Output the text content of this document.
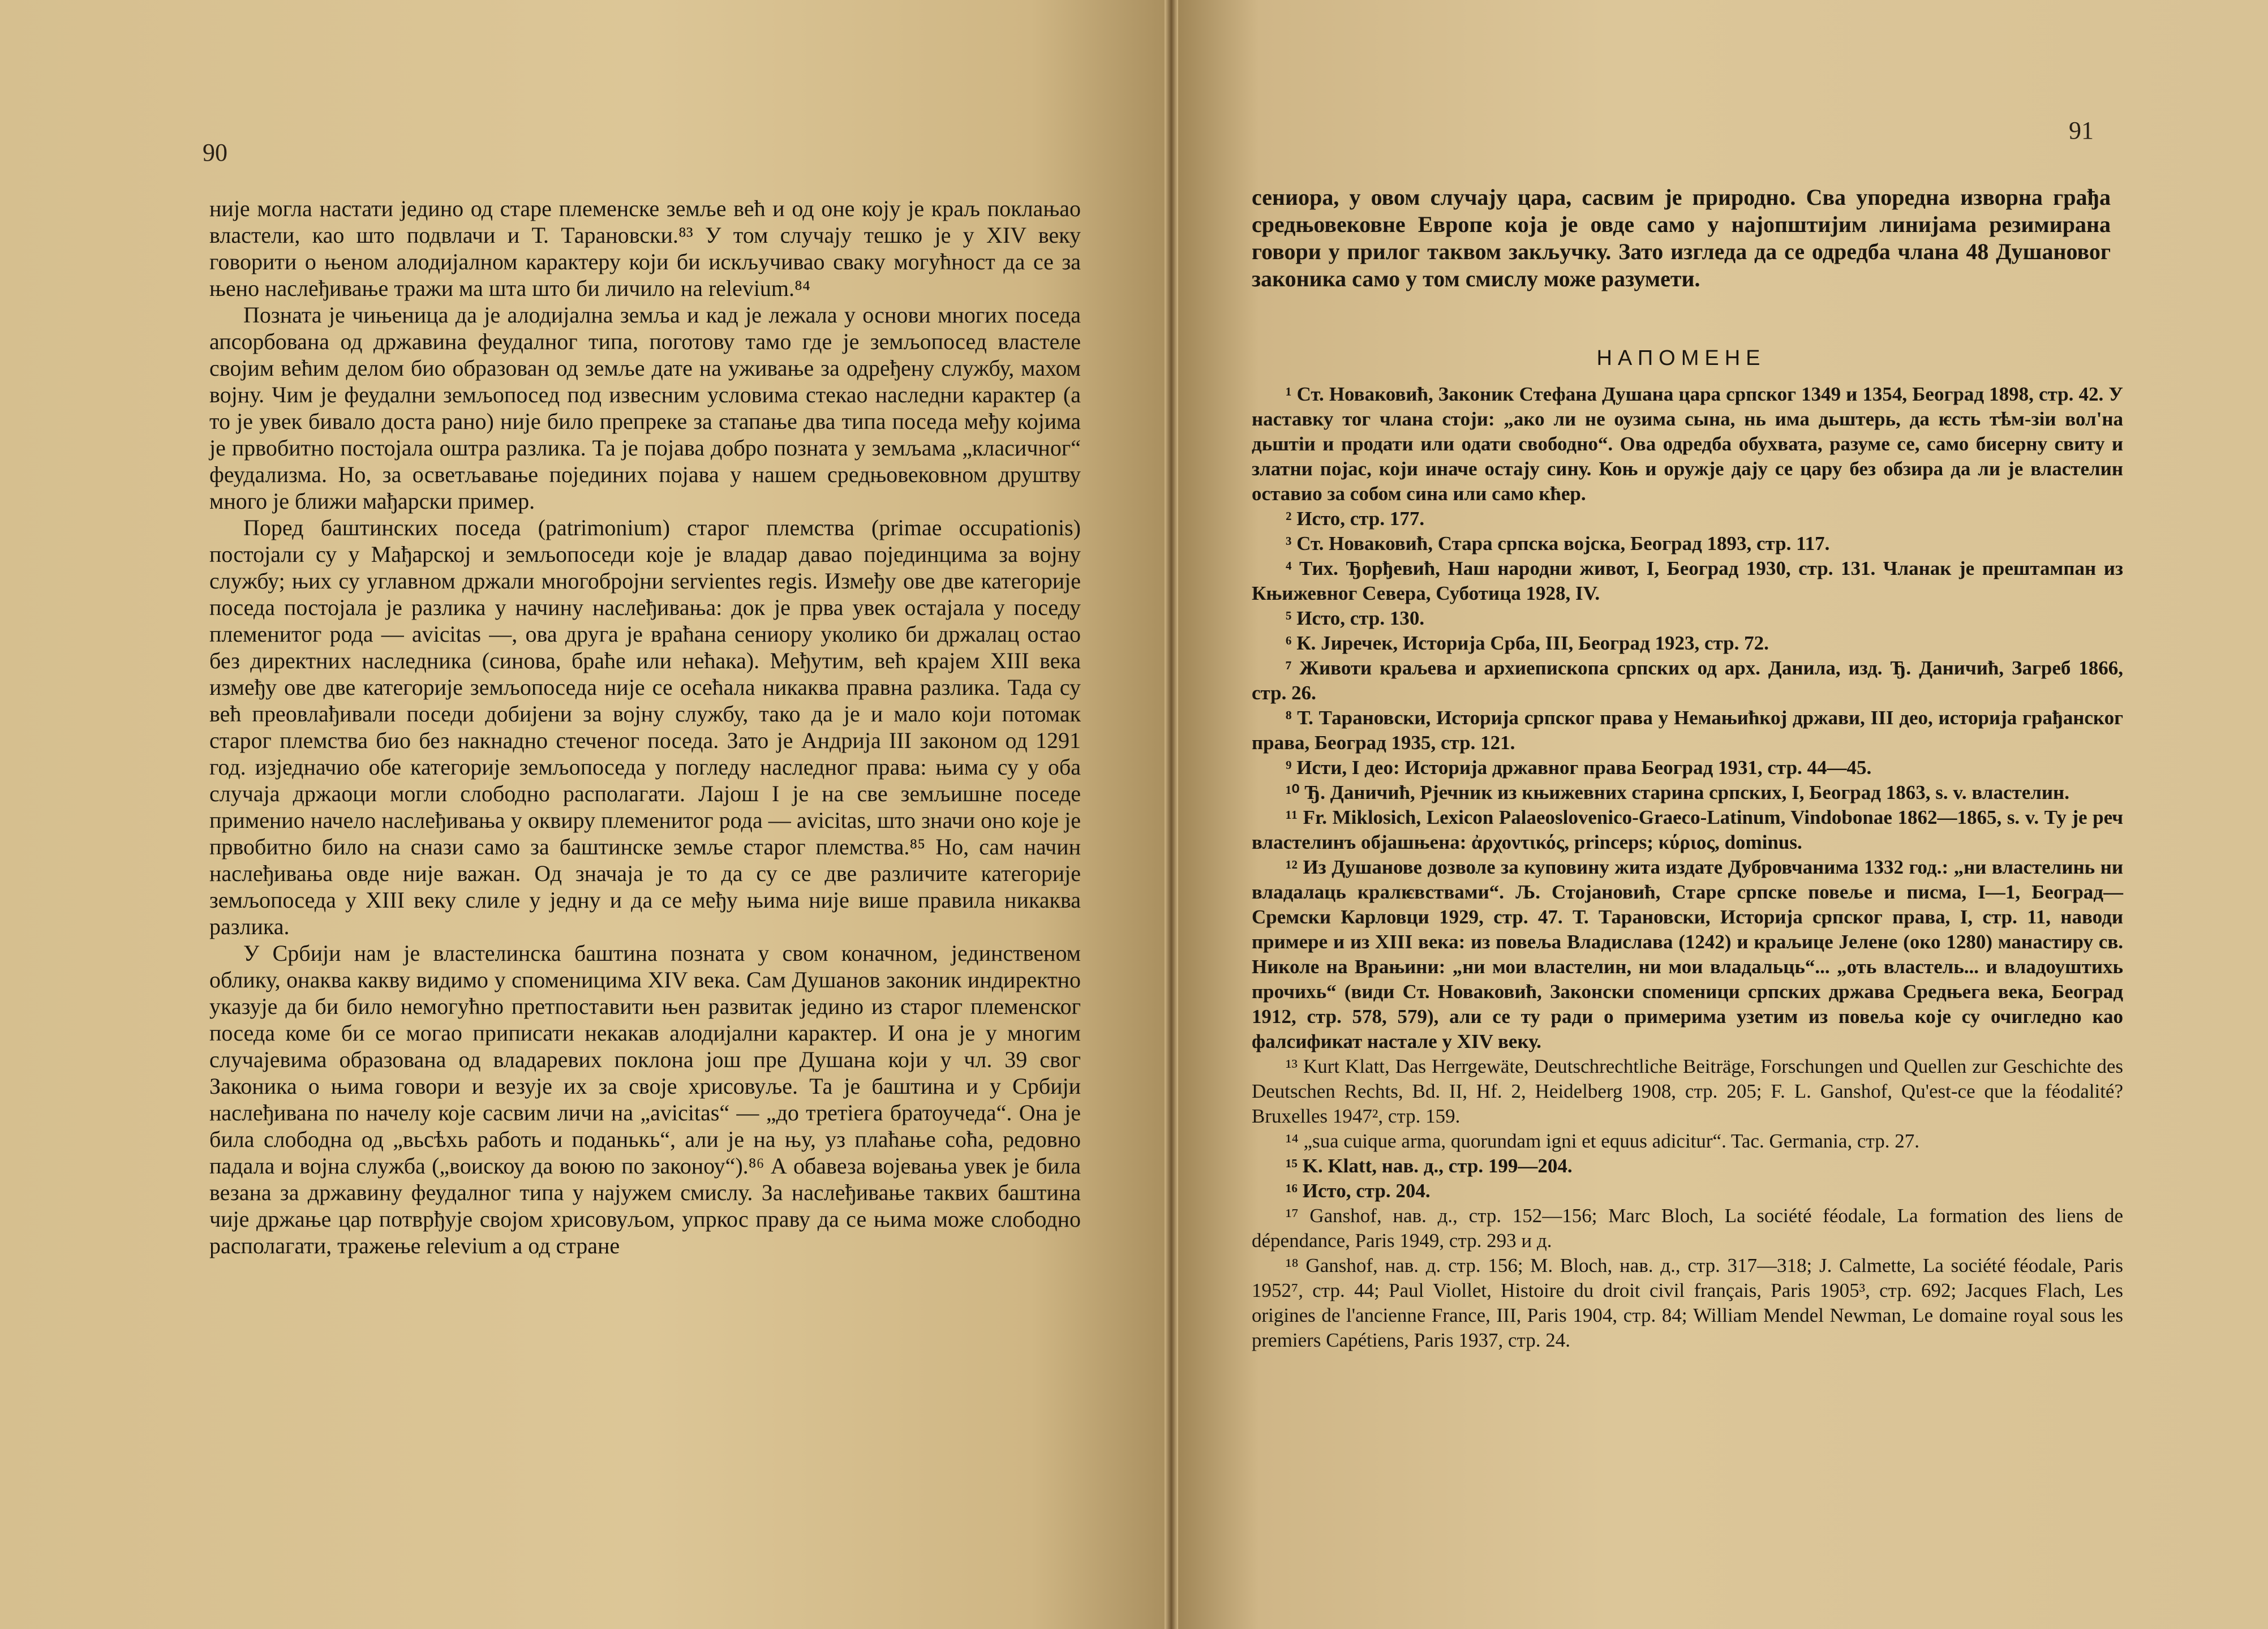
90

није могла настати једино од старе племенске земље већ и од оне коју је краљ поклањао властели, као што подвлачи и Т. Тарановски.⁸³ У том случају тешко је у XIV веку говорити о њеном алодијалном карактеру који би искључивао сваку могућност да се за њено наслеђивање тражи ма шта што би личило на relevium.⁸⁴

Позната је чињеница да је алодијална земља и кад је лежала у основи многих поседа апсорбована од државина феудалног типа, поготову тамо где је земљопосед властеле својим већим делом био образован од земље дате на уживање за одређену службу, махом војну. Чим је феудални земљопосед под извесним условима стекао наследни карактер (а то је увек бивало доста рано) није било препреке за стапање два типа поседа међу којима је првобитно постојала оштра разлика. Та је појава добро позната у земљама „класичног“ феудализма. Но, за осветљавање појединих појава у нашем средњовековном друштву много је ближи мађарски пример.

Поред баштинских поседа (patrimonium) старог племства (primae occupationis) постојали су у Мађарској и земљопоседи које је владар давао појединцима за војну службу; њих су углавном држали многобројни servientes regis. Између ове две категорије поседа постојала је разлика у начину наслеђивања: док је прва увек остајала у поседу племенитог рода — avicitas —, ова друга је враћана сениору уколико би држалац остао без директних наследника (синова, браће или нећака). Међутим, већ крајем XIII века између ове две категорије земљопоседа није се осећала никаква правна разлика. Тада су већ преовлађивали поседи добијени за војну службу, тако да је и мало који потомак старог племства био без накнадно стеченог поседа. Зато је Андрија III законом од 1291 год. изједначио обе категорије земљопоседа у погледу наследног права: њима су у оба случаја држаоци могли слободно располагати. Лајош I је на све земљишне поседе применио начело наслеђивања у оквиру племенитог рода — avicitas, што значи оно које је првобитно било на снази само за баштинске земље старог племства.⁸⁵ Но, сам начин наслеђивања овде није важан. Од значаја је то да су се две различите категорије земљопоседа у XIII веку слиле у једну и да се међу њима није више правила никаква разлика.

У Србији нам је властелинска баштина позната у свом коначном, јединственом облику, онаква какву видимо у споменицима XIV века. Сам Душанов законик индиректно указује да би било немогућно претпоставити њен развитак једино из старог племенског поседа коме би се могао приписати некакав алодијални карактер. И она је у многим случајевима образована од владаревих поклона још пре Душана који у чл. 39 свог Законика о њима говори и везује их за своје хрисовуље. Та је баштина и у Србији наслеђивана по начелу које сасвим личи на „avicitas“ — „до третіега братоучеда“. Она је била слободна од „вьсѣхь работь и поданькь“, али је на њу, уз плаћање соћа, редовно падала и војна служба („воискоу да воюю по законоу“).⁸⁶ А обавеза војевања увек је била везана за државину феудалног типа у најужем смислу. За наслеђивање таквих баштина чије држање цар потврђује својом хрисовуљом, упркос праву да се њима може слободно располагати, тражење relevium а од стране

91

сениора, у овом случају цара, сасвим је природно. Сва упоредна изворна грађа средњовековне Европе која је овде само у најопштијим линијама резимирана говори у прилог таквом закључку. Зато изгледа да се одредба члана 48 Душановог законика само у том смислу може разумети.

НАПОМЕНЕ

¹ Ст. Новаковић, Законик Стефана Душана цара српског 1349 и 1354, Београд 1898, стр. 42. У наставку тог члана стоји: „ако ли не оузима сына, нь има дьштерь, да ѥсть тѣм-зіи вол'на дьштіи и продати или одати свободно“. Ова одредба обухвата, разуме се, само бисерну свиту и златни појас, који иначе остају сину. Коњ и оружје дају се цару без обзира да ли је властелин оставио за собом сина или само кћер.

² Исто, стр. 177.

³ Ст. Новаковић, Стара српска војска, Београд 1893, стр. 117.

⁴ Тих. Ђорђевић, Наш народни живот, I, Београд 1930, стр. 131. Чланак је прештампан из Књижевног Севера, Суботица 1928, IV.

⁵ Исто, стр. 130.

⁶ К. Јиречек, Историја Срба, III, Београд 1923, стр. 72.

⁷ Животи краљева и архиепископа српских од арх. Данила, изд. Ђ. Даничић, Загреб 1866, стр. 26.

⁸ Т. Тарановски, Историја српског права у Немањићкој држави, III део, историја грађанског права, Београд 1935, стр. 121.

⁹ Исти, I део: Историја државног права Београд 1931, стр. 44—45.

¹⁰ Ђ. Даничић, Рјечник из књижевних старина српских, I, Београд 1863, s. v. властелин.

¹¹ Fr. Miklosich, Lexicon Palaeoslovenico-Graeco-Latinum, Vindobonae 1862—1865, s. v. Ту је реч властелинъ објашњена: ἀρχοντικός, princeps; κύριος, dominus.

¹² Из Душанове дозволе за куповину жита издате Дубровчанима 1332 год.: „ни властелинь ни владалаць кралѥвствами“. Љ. Стојановић, Старе српске повеље и писма, I—1, Београд—Сремски Карловци 1929, стр. 47. Т. Тарановски, Историја српског права, I, стр. 11, наводи примере и из XIII века: из повеља Владислава (1242) и краљице Јелене (око 1280) манастиру св. Николе на Врањини: „ни мои властелин, ни мои владальць“... „оть властель... и владоуштихь прочихь“ (види Ст. Новаковић, Законски споменици српских држава Средњега века, Београд 1912, стр. 578, 579), али се ту ради о примерима узетим из повеља које су очигледно као фалсификат настале у XIV веку.

¹³ Kurt Klatt, Das Herrgewäte, Deutschrechtliche Beiträge, Forschungen und Quellen zur Geschichte des Deutschen Rechts, Bd. II, Hf. 2, Heidelberg 1908, стр. 205; F. L. Ganshof, Qu'est-ce que la féodalité? Bruxelles 1947², стр. 159.

¹⁴ „sua cuique arma, quorundam igni et equus adicitur“. Tac. Germania, стр. 27.

¹⁵ K. Klatt, нав. д., стр. 199—204.

¹⁶ Исто, стр. 204.

¹⁷ Ganshof, нав. д., стр. 152—156; Marc Bloch, La société féodale, La formation des liens de dépendance, Paris 1949, стр. 293 и д.

¹⁸ Ganshof, нав. д. стр. 156; M. Bloch, нав. д., стр. 317—318; J. Calmette, La société féodale, Paris 1952⁷, стр. 44; Paul Viollet, Histoire du droit civil français, Paris 1905³, стр. 692; Jacques Flach, Les origines de l'ancienne France, III, Paris 1904, стр. 84; William Mendel Newman, Le domaine royal sous les premiers Capétiens, Paris 1937, стр. 24.
